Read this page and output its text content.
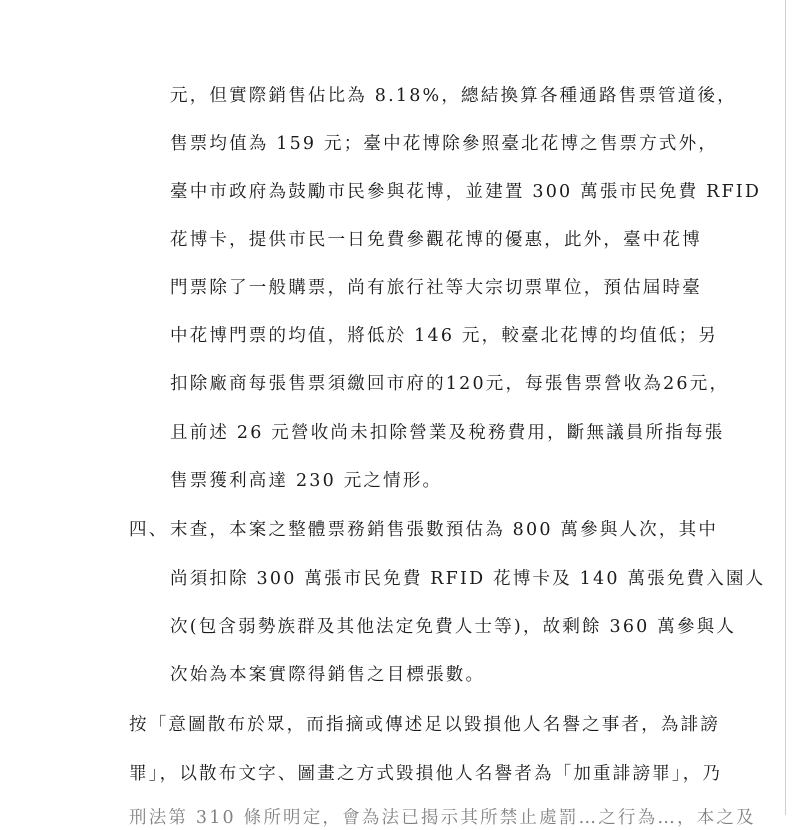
元，但實際銷售佔比為 8.18%，總結換算各種通路售票管道後，
售票均值為 159 元；臺中花博除參照臺北花博之售票方式外，
臺中市政府為鼓勵市民參與花博，並建置 300 萬張市民免費 RFID
花博卡，提供市民一日免費參觀花博的優惠，此外，臺中花博
門票除了一般購票，尚有旅行社等大宗切票單位，預估屆時臺
中花博門票的均值，將低於 146 元，較臺北花博的均值低；另
扣除廠商每張售票須繳回市府的120元，每張售票營收為26元，
且前述 26 元營收尚未扣除營業及稅務費用，斷無議員所指每張
售票獲利高達 230 元之情形。
四、 末查，本案之整體票務銷售張數預估為 800 萬參與人次，其中
尚須扣除 300 萬張市民免費 RFID 花博卡及 140 萬張免費入園人
次(包含弱勢族群及其他法定免費人士等)，故剩餘 360 萬參與人
次始為本案實際得銷售之目標張數。
按「意圖散布於眾，而指摘或傳述足以毀損他人名譽之事者，為誹謗
罪」，以散布文字、圖畫之方式毀損他人名譽者為「加重誹謗罪」，乃
刑法第 310 條所明定，會為法已揭示其所禁止處罰…之行為…，本之及
